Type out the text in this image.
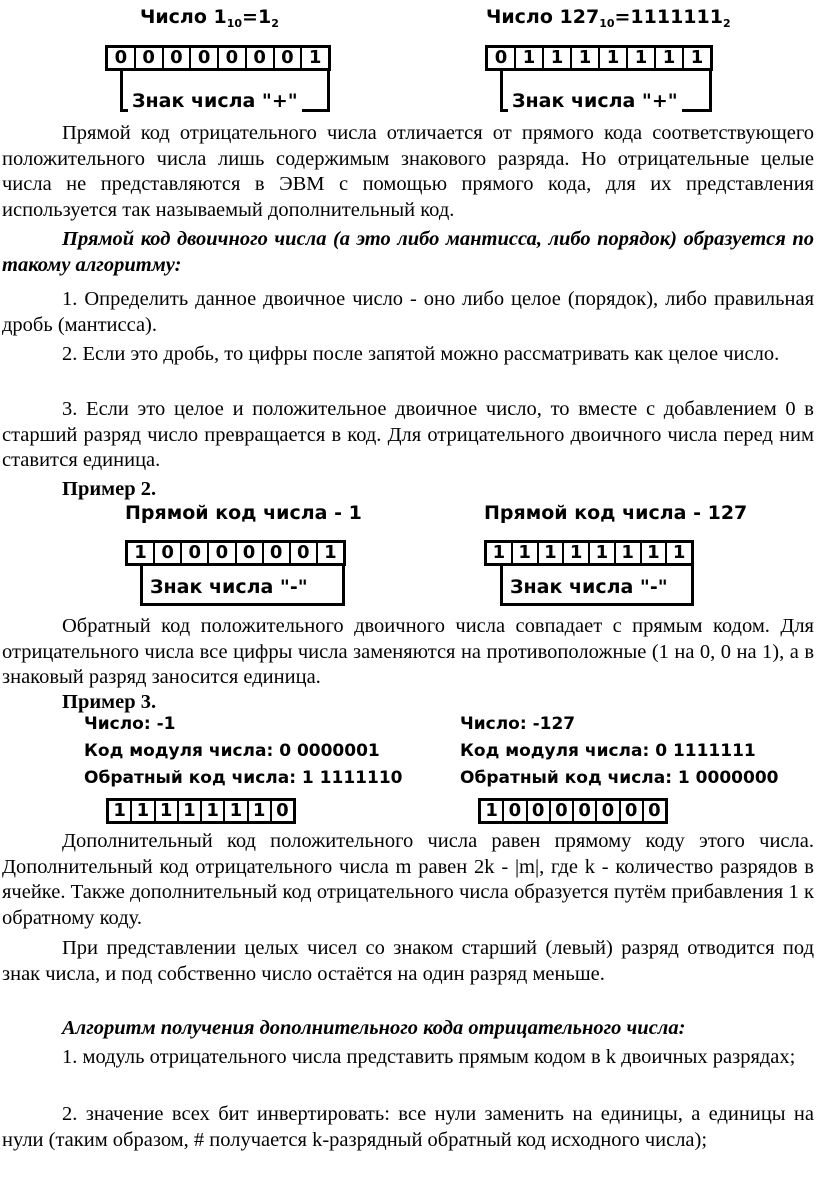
Число $1_{10}=1_2$	Число $127_{10}=1111111_2$
0 0 0 0 0 0 0 1
Знак числа "+"
0 1 1 1 1 1 1 1
Знак числа "+"
Прямой код отрицательного числа отличается от прямого кода соответствующего положительного числа лишь содержимым знакового разряда. Но отрицательные целые числа не представляются в ЭВМ с помощью прямого кода, для их представления используется так называемый дополнительный код.
Прямой код двоичного числа (а это либо мантисса, либо порядок) образуется по такому алгоритму:
1. Определить данное двоичное число - оно либо целое (порядок), либо правильная дробь (мантисса).
2. Если это дробь, то цифры после запятой можно рассматривать как целое число.
3. Если это целое и положительное двоичное число, то вместе с добавлением 0 в старший разряд число превращается в код. Для отрицательного двоичного числа перед ним ставится единица.
Пример 2.
Прямой код числа - 1	Прямой код числа - 127
1 0 0 0 0 0 0 1
Знак числа "-"
1 1 1 1 1 1 1 1
Знак числа "-"
Обратный код положительного двоичного числа совпадает с прямым кодом. Для отрицательного числа все цифры числа заменяются на противоположные (1 на 0, 0 на 1), а в знаковый разряд заносится единица.
Пример 3.
Число: -1
Код модуля числа: 0 0000001
Обратный код числа: 1 1111110
1 1 1 1 1 1 1 0
Число: -127
Код модуля числа: 0 1111111
Обратный код числа: 1 0000000
1 0 0 0 0 0 0 0
Дополнительный код положительного числа равен прямому коду этого числа. Дополнительный код отрицательного числа m равен 2k - |m|, где k - количество разрядов в ячейке. Также дополнительный код отрицательного числа образуется путём прибавления 1 к обратному коду.
При представлении целых чисел со знаком старший (левый) разряд отводится под знак числа, и под собственно число остаётся на один разряд меньше.
Алгоритм получения дополнительного кода отрицательного числа:
1. модуль отрицательного числа представить прямым кодом в k двоичных разрядах;
2. значение всех бит инвертировать: все нули заменить на единицы, а единицы на нули (таким образом, # получается k-разрядный обратный код исходного числа);
